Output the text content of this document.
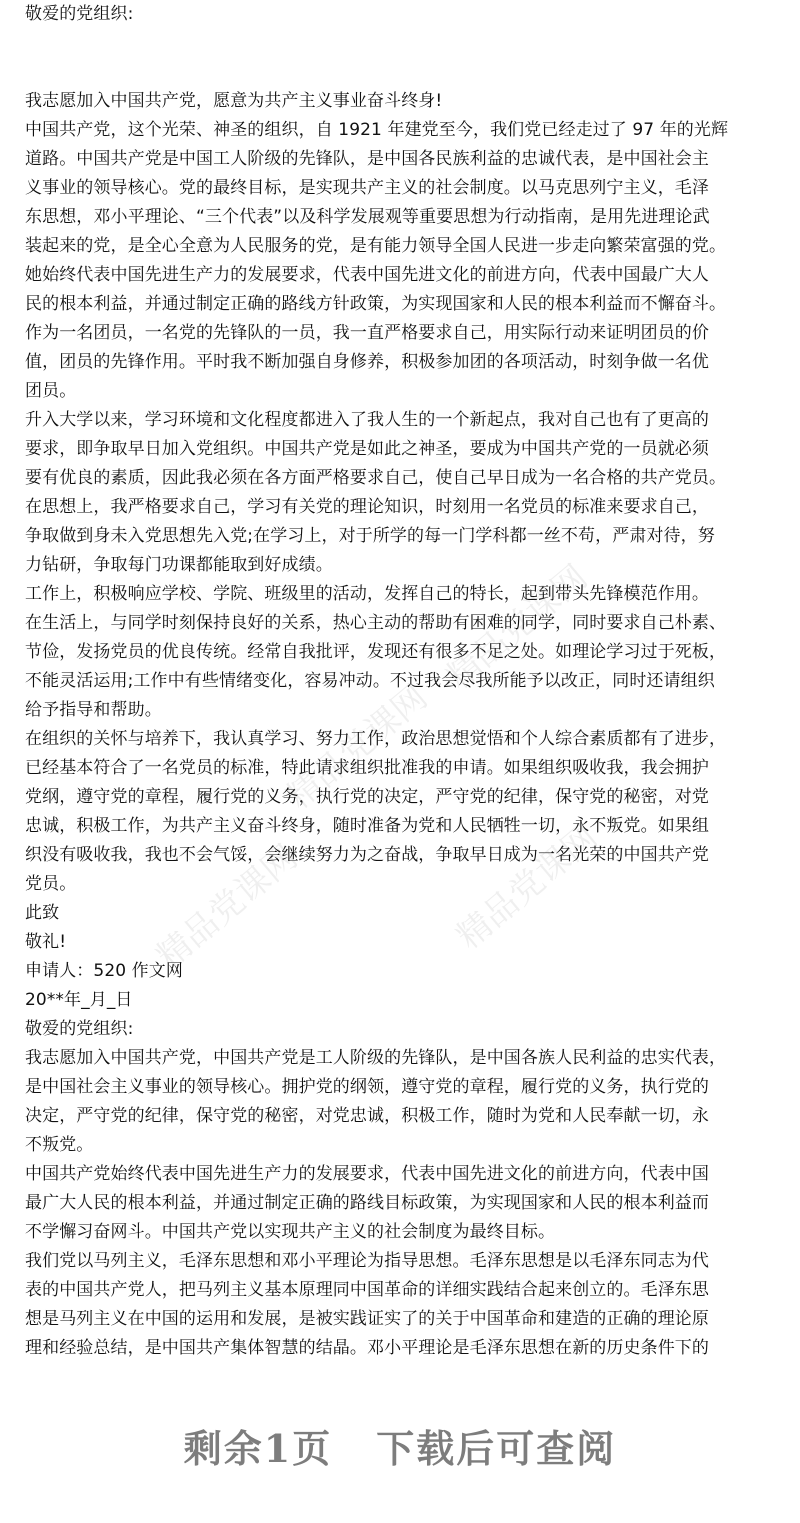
敬爱的党组织:
我志愿加入中国共产党，愿意为共产主义事业奋斗终身!
中国共产党，这个光荣、神圣的组织，自 1921 年建党至今，我们党已经走过了 97 年的光辉
道路。中国共产党是中国工人阶级的先锋队，是中国各民族利益的忠诚代表，是中国社会主
义事业的领导核心。党的最终目标，是实现共产主义的社会制度。以马克思列宁主义，毛泽
东思想，邓小平理论、“三个代表”以及科学发展观等重要思想为行动指南，是用先进理论武
装起来的党，是全心全意为人民服务的党，是有能力领导全国人民进一步走向繁荣富强的党。
她始终代表中国先进生产力的发展要求，代表中国先进文化的前进方向，代表中国最广大人
民的根本利益，并通过制定正确的路线方针政策，为实现国家和人民的根本利益而不懈奋斗。
作为一名团员，一名党的先锋队的一员，我一直严格要求自己，用实际行动来证明团员的价
值，团员的先锋作用。平时我不断加强自身修养，积极参加团的各项活动，时刻争做一名优
团员。
升入大学以来，学习环境和文化程度都进入了我人生的一个新起点，我对自己也有了更高的
要求，即争取早日加入党组织。中国共产党是如此之神圣，要成为中国共产党的一员就必须
要有优良的素质，因此我必须在各方面严格要求自己，使自己早日成为一名合格的共产党员。
在思想上，我严格要求自己，学习有关党的理论知识，时刻用一名党员的标准来要求自己，
争取做到身未入党思想先入党;在学习上，对于所学的每一门学科都一丝不苟，严肃对待，努
力钻研，争取每门功课都能取到好成绩。
工作上，积极响应学校、学院、班级里的活动，发挥自己的特长，起到带头先锋模范作用。
在生活上，与同学时刻保持良好的关系，热心主动的帮助有困难的同学，同时要求自己朴素、
节俭，发扬党员的优良传统。经常自我批评，发现还有很多不足之处。如理论学习过于死板，
不能灵活运用;工作中有些情绪变化，容易冲动。不过我会尽我所能予以改正，同时还请组织
给予指导和帮助。
在组织的关怀与培养下，我认真学习、努力工作，政治思想觉悟和个人综合素质都有了进步，
已经基本符合了一名党员的标准，特此请求组织批准我的申请。如果组织吸收我，我会拥护
党纲，遵守党的章程，履行党的义务，执行党的决定，严守党的纪律，保守党的秘密，对党
忠诚，积极工作，为共产主义奋斗终身，随时准备为党和人民牺牲一切，永不叛党。如果组
织没有吸收我，我也不会气馁，会继续努力为之奋战，争取早日成为一名光荣的中国共产党
党员。
此致
敬礼!
申请人：520 作文网
20**年_月_日
敬爱的党组织:
我志愿加入中国共产党，中国共产党是工人阶级的先锋队，是中国各族人民利益的忠实代表，
是中国社会主义事业的领导核心。拥护党的纲领，遵守党的章程，履行党的义务，执行党的
决定，严守党的纪律，保守党的秘密，对党忠诚，积极工作，随时为党和人民奉献一切，永
不叛党。
中国共产党始终代表中国先进生产力的发展要求，代表中国先进文化的前进方向，代表中国
最广大人民的根本利益，并通过制定正确的路线目标政策，为实现国家和人民的根本利益而
不学懈习奋网斗。中国共产党以实现共产主义的社会制度为最终目标。
我们党以马列主义，毛泽东思想和邓小平理论为指导思想。毛泽东思想是以毛泽东同志为代
表的中国共产党人，把马列主义基本原理同中国革命的详细实践结合起来创立的。毛泽东思
想是马列主义在中国的运用和发展，是被实践证实了的关于中国革命和建造的正确的理论原
理和经验总结，是中国共产集体智慧的结晶。邓小平理论是毛泽东思想在新的历史条件下的
精品党课网
精品党课网
精品党课网	精品党课网
剩余1页 下载后可查阅
